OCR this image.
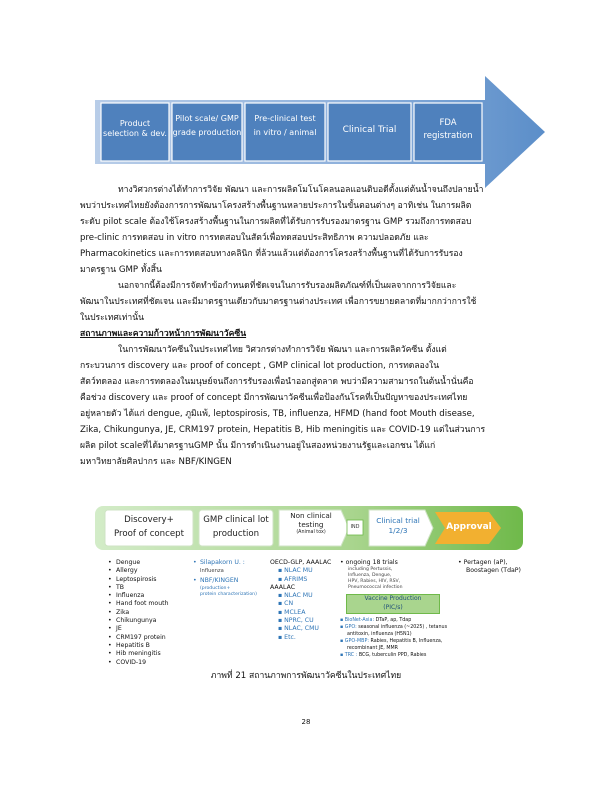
Product
selection & dev.
Pilot scale/ GMP
grade production
Pre-clinical test
in vitro / animal	Clinical Trial
FDA
registration
ทางวิศวกรต่างได้ทำการวิจัย พัฒนา และการผลิตโมโนโคลนอลแอนติบอดีตั้งแต่ต้นน้ำจนถึงปลายน้ำ
พบว่าประเทศไทยยังต้องการการพัฒนาโครงสร้างพื้นฐานหลายประการในขั้นตอนต่างๆ อาทิเช่น ในการผลิต
ระดับ pilot scale ต้องใช้โครงสร้างพื้นฐานในการผลิตที่ได้รับการรับรองมาตรฐาน GMP รวมถึงการทดสอบ
pre-clinic การทดสอบ in vitro การทดสอบในสัตว์เพื่อทดสอบประสิทธิภาพ ความปลอดภัย และ
Pharmacokinetics และการทดสอบทางคลินิก ที่ล้วนแล้วแต่ต้องการโครงสร้างพื้นฐานที่ได้รับการรับรอง
มาตรฐาน GMP ทั้งสิ้น
นอกจากนี้ต้องมีการจัดทำข้อกำหนดที่ชัดเจนในการรับรองผลิตภัณฑ์ที่เป็นผลจากการวิจัยและ
พัฒนาในประเทศที่ชัดเจน และมีมาตรฐานเดียวกับมาตรฐานต่างประเทศ เพื่อการขยายตลาดที่มากกว่าการใช้
ในประเทศเท่านั้น
สถานภาพและความก้าวหน้าการพัฒนาวัคซีน
ในการพัฒนาวัคซีนในประเทศไทย วิศวกรต่างทำการวิจัย พัฒนา และการผลิตวัคซีน ตั้งแต่
กระบวนการ discovery และ proof of concept , GMP clinical lot production, การทดลองใน
สัตว์ทดลอง และการทดลองในมนุษย์จนถึงการรับรองเพื่อนำออกสู่ตลาด พบว่ามีความสามารถในต้นน้ำนั่นคือ
คือช่วง discovery และ proof of concept มีการพัฒนาวัคซีนเพื่อป้องกันโรคที่เป็นปัญหาของประเทศไทย
อยู่หลายตัว ได้แก่ dengue, ภูมิแพ้, leptospirosis, TB, influenza, HFMD (hand foot Mouth disease,
Zika, Chikungunya, JE, CRM197 protein, Hepatitis B, Hib meningitis และ COVID-19 แต่ในส่วนการ
ผลิต pilot scaleที่ได้มาตรฐานGMP นั้น มีการดำเนินงานอยู่ในสองหน่วยงานรัฐและเอกชน ได้แก่
มหาวิทยาลัยศิลปากร และ NBF/KINGEN
Discovery+
Proof of concept
GMP clinical lot
production
Non clinical
testing
(Animal tox)
IND
Clinical trial
1/2/3	Approval
• Dengue
• Allergy
• Leptospirosis
• TB
• Influenza
• Hand foot mouth
• Zika
• Chikungunya
• JE
• CRM197 protein
• Hepatitis B
• Hib meningitis
• COVID-19
• Silapakorn U. :
Influenza
• NBF/KINGEN
(production+
protein characterization)
OECD-GLP, AAALAC
▪ NLAC MU
▪ AFRIMS
AAALAC
▪ NLAC MU
▪ CN
▪ MCLEA
▪ NPRC, CU
▪ NLAC, CMU
▪ Etc.
• ongoing 18 trials
including Pertussis,
Influenza, Dengue,
HPV, Rabies, HIV, RSV,
Pneumococcal infection
Vaccine Production
(PIC/s)
▪ BioNet-Asia: DTaP, ap, Tdap
▪ GPO: seasonal influenza (~2025) , tetanus
antitoxin, influenza (H5N1)
▪ GPO-MBP: Rabies, Hepatitis B, Influenza,
recombinant JE, MMR
▪ TRC : BCG, tuberculin PPD, Rabies
• Pertagen (aP),
Boostagen (TdaP)
ภาพที่ 21 สถานภาพการพัฒนาวัคซีนในประเทศไทย
28
